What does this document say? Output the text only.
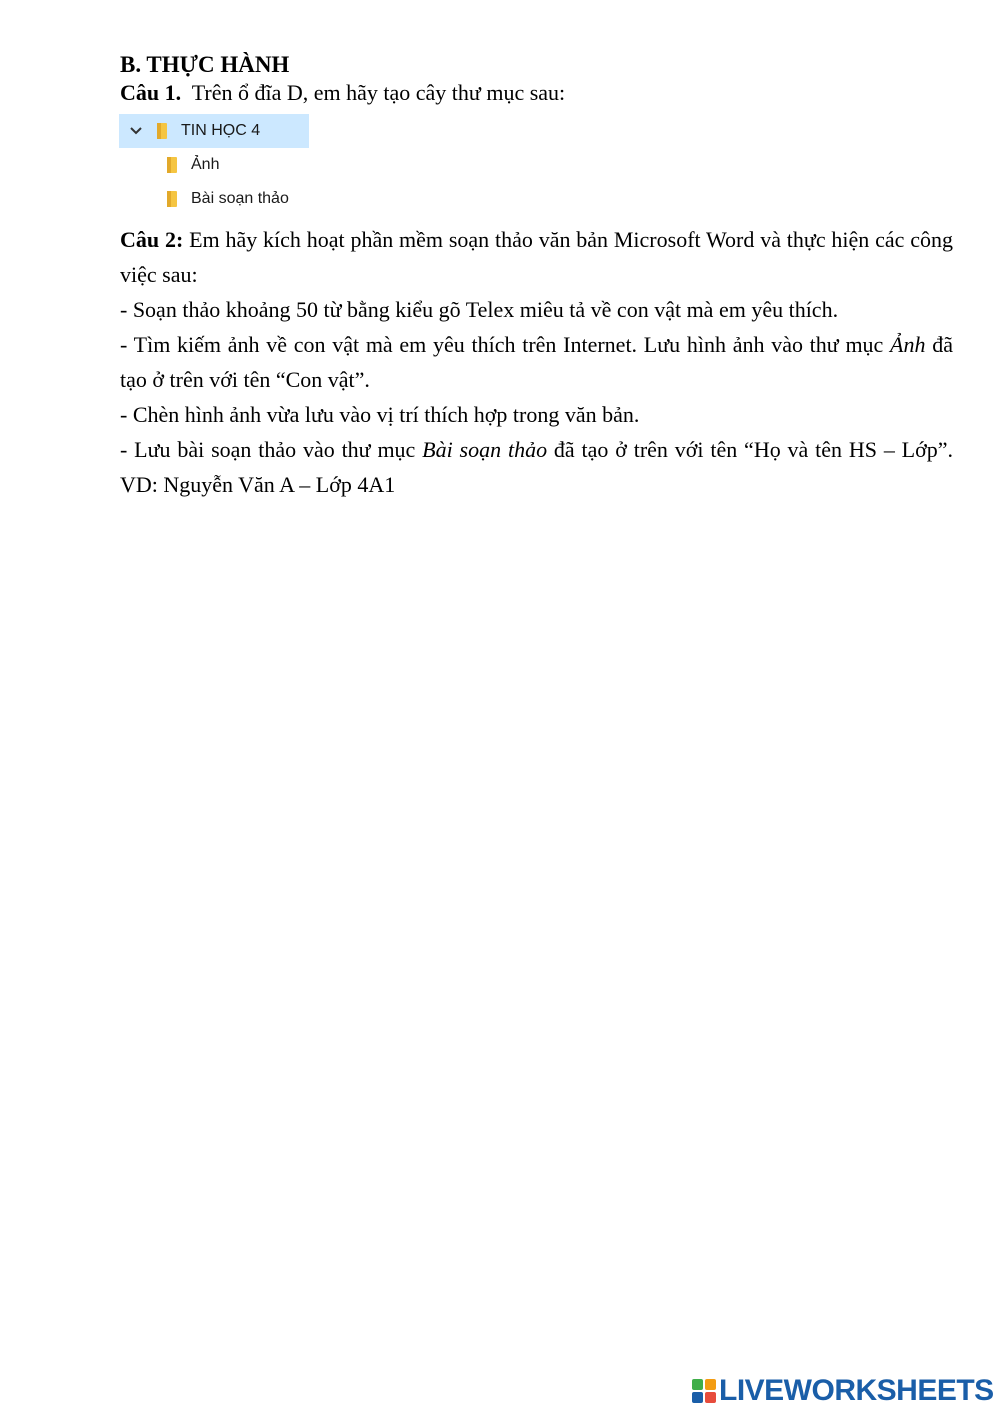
B. THỰC HÀNH

Câu 1.  Trên ổ đĩa D, em hãy tạo cây thư mục sau:

TIN HỌC 4
Ảnh
Bài soạn thảo

Câu 2: Em hãy kích hoạt phần mềm soạn thảo văn bản Microsoft Word và thực hiện các công việc sau:

- Soạn thảo khoảng 50 từ bằng kiểu gõ Telex miêu tả về con vật mà em yêu thích.

- Tìm kiếm ảnh về con vật mà em yêu thích trên Internet. Lưu hình ảnh vào thư mục Ảnh đã tạo ở trên với tên “Con vật”.

- Chèn hình ảnh vừa lưu vào vị trí thích hợp trong văn bản.

- Lưu bài soạn thảo vào thư mục Bài soạn thảo đã tạo ở trên với tên “Họ và tên HS – Lớp”. VD: Nguyễn Văn A – Lớp 4A1

LIVEWORKSHEETS
